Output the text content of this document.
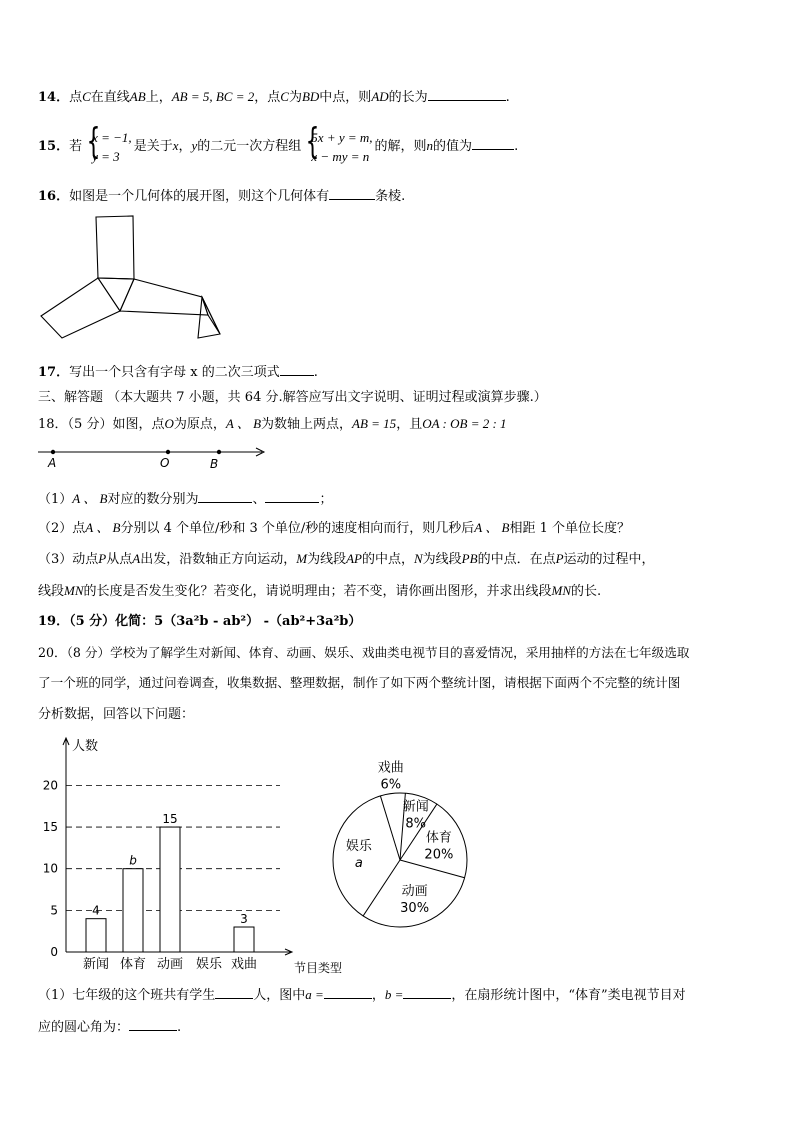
14．点C在直线AB上，AB = 5, BC = 2，点C为BD中点，则AD的长为	.
15．若
{ x = −1,
y = 3
是关于x，y的二元一次方程组
{ 5x + y = m,
x − my = n
的解，则n的值为	.
16．如图是一个几何体的展开图，则这个几何体有	条棱.
17．写出一个只含有字母 x 的二次三项式	.
三、解答题 （本大题共 7 小题，共 64 分.解答应写出文字说明、证明过程或演算步骤.）
18．（5 分）如图，点O为原点，A 、 B为数轴上两点，AB = 15，且OA : OB = 2 : 1
A	O	B
（1）A 、 B对应的数分别为	、	；
（2）点A 、 B分别以 4 个单位/秒和 3 个单位/秒的速度相向而行，则几秒后A 、 B相距 1 个单位长度？
（3）动点P从点A出发，沿数轴正方向运动，M为线段AP的中点，N为线段PB的中点．在点P运动的过程中，
线段MN的长度是否发生变化？若变化，请说明理由；若不变，请你画出图形，并求出线段MN的长.
19．（5 分）化简：5（3a²b - ab²） -（ab²+3a²b）
20．（8 分）学校为了解学生对新闻、体育、动画、娱乐、戏曲类电视节目的喜爱情况，采用抽样的方法在七年级选取
了一个班的同学，通过问卷调查，收集数据、整理数据，制作了如下两个整统计图，请根据下面两个不完整的统计图
分析数据，回答以下问题：
0
5
10
15
20
人数
节目类型
4
新闻
b
体育
15
动画 娱乐
3
戏曲
戏曲
6%
新闻
8%
体育
20%
动画
30%
娱乐
a
（1）七年级的这个班共有学生	人，图中a =	，b =	，在扇形统计图中，“体育”类电视节目对
应的圆心角为：	.
